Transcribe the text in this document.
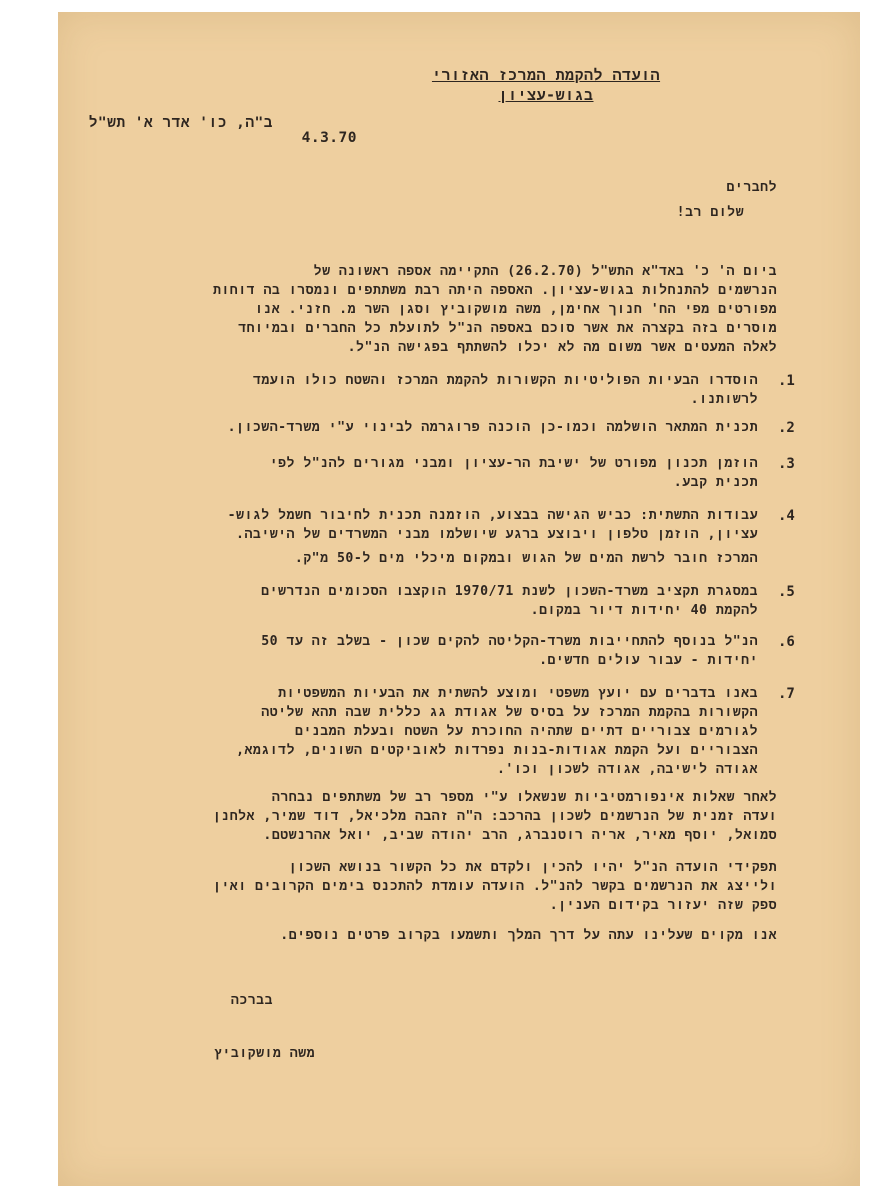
הועדה להקמת המרכז האזורי
בגוש-עציון
ב"ה, כו' אדר א' תש"ל
4.3.70
לחברים
שלום רב!
ביום ה' כ' באד"א התש"ל (26.2.70) התקיימה אספה ראשונה של
הנרשמים להתנחלות בגוש-עציון. האספה היתה רבת משתתפים ונמסרו בה דוחות
מפורטים מפי הח' חנוך אחימן, משה מושקוביץ וסגן השר מ. חזני. אנו
מוסרים בזה בקצרה את אשר סוכם באספה הנ"ל לתועלת כל החברים ובמיוחד
לאלה המעטים אשר משום מה לא יכלו להשתתף בפגישה הנ"ל.
.1
הוסדרו הבעיות הפוליטיות הקשורות להקמת המרכז והשטח כולו הועמד
לרשותנו.
.2
תכנית המתאר הושלמה וכמו-כן הוכנה פרוגרמה לבינוי ע"י משרד-השכון.
.3
הוזמן תכנון מפורט של ישיבת הר-עציון ומבני מגורים להנ"ל לפי
תכנית קבע.
.4
עבודות התשתית: כביש הגישה בבצוע, הוזמנה תכנית לחיבור חשמל לגוש-
עציון, הוזמן טלפון ויבוצע ברגע שיושלמו מבני המשרדים של הישיבה.
המרכז חובר לרשת המים של הגוש ובמקום מיכלי מים ל-50 מ"ק.
.5
במסגרת תקציב משרד-השכון לשנת 1970/71 הוקצבו הסכומים הנדרשים
להקמת 40 יחידות דיור במקום.
.6
הנ"ל בנוסף להתחייבות משרד-הקליטה להקים שכון - בשלב זה עד 50
יחידות - עבור עולים חדשים.
.7
באנו בדברים עם יועץ משפטי ומוצע להשתית את הבעיות המשפטיות
הקשורות בהקמת המרכז על בסיס של אגודת גג כללית שבה תהא שליטה
לגורמים צבוריים דתיים שתהיה החוכרת על השטח ובעלת המבנים
הצבוריים ועל הקמת אגודות-בנות נפרדות לאוביקטים השונים, לדוגמא,
אגודה לישיבה, אגודה לשכון וכו'.
לאחר שאלות אינפורמטיביות שנשאלו ע"י מספר רב של משתתפים נבחרה
ועדה זמנית של הנרשמים לשכון בהרכב: ה"ה זהבה מלכיאל, דוד שמיר, אלחנן
סמואל, יוסף מאיר, אריה רוטנברג, הרב יהודה שביב, יואל אהרנשטם.
תפקידי הועדה הנ"ל יהיו להכין ולקדם את כל הקשור בנושא השכון
ולייצג את הנרשמים בקשר להנ"ל. הועדה עומדת להתכנס בימים הקרובים ואין
ספק שזה יעזור בקידום הענין.
אנו מקוים שעלינו עתה על דרך המלך ותשמעו בקרוב פרטים נוספים.
בברכה
משה מושקוביץ
